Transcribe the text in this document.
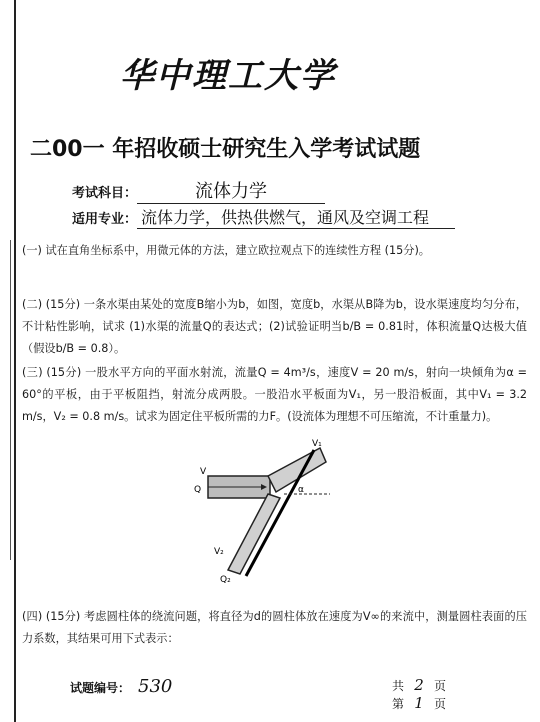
华中理工大学
二00一 年招收硕士研究生入学考试试题
考试科目：	流体力学
适用专业： 流体力学，供热供燃气，通风及空调工程
(一) 试在直角坐标系中，用微元体的方法，建立欧拉观点下的连续性方程 (15分)。
(二) (15分) 一条水渠由某处的宽度B缩小为b，如图，宽度b，水渠从B降为b，设水渠速度均匀分布，不计粘性影响，试求 (1)水渠的流量Q的表达式；(2)试验证明当b/B = 0.81时，体积流量Q达极大值（假设b/B = 0.8）。
(三) (15分) 一股水平方向的平面水射流，流量Q = 4m³/s，速度V = 20 m/s，射向一块倾角为α = 60°的平板，由于平板阻挡，射流分成两股。一股沿水平板面为V₁，另一股沿板面，其中V₁ = 3.2 m/s，V₂ = 0.8 m/s。试求为固定住平板所需的力F。(设流体为理想不可压缩流，不计重量力)。
V₁
V
Q	α
V₂
Q₂
(四) (15分) 考虑圆柱体的绕流问题，将直径为d的圆柱体放在速度为V∞的来流中，测量圆柱表面的压力系数，其结果可用下式表示：
试题编号： 530	共 2 页
第 1 页
